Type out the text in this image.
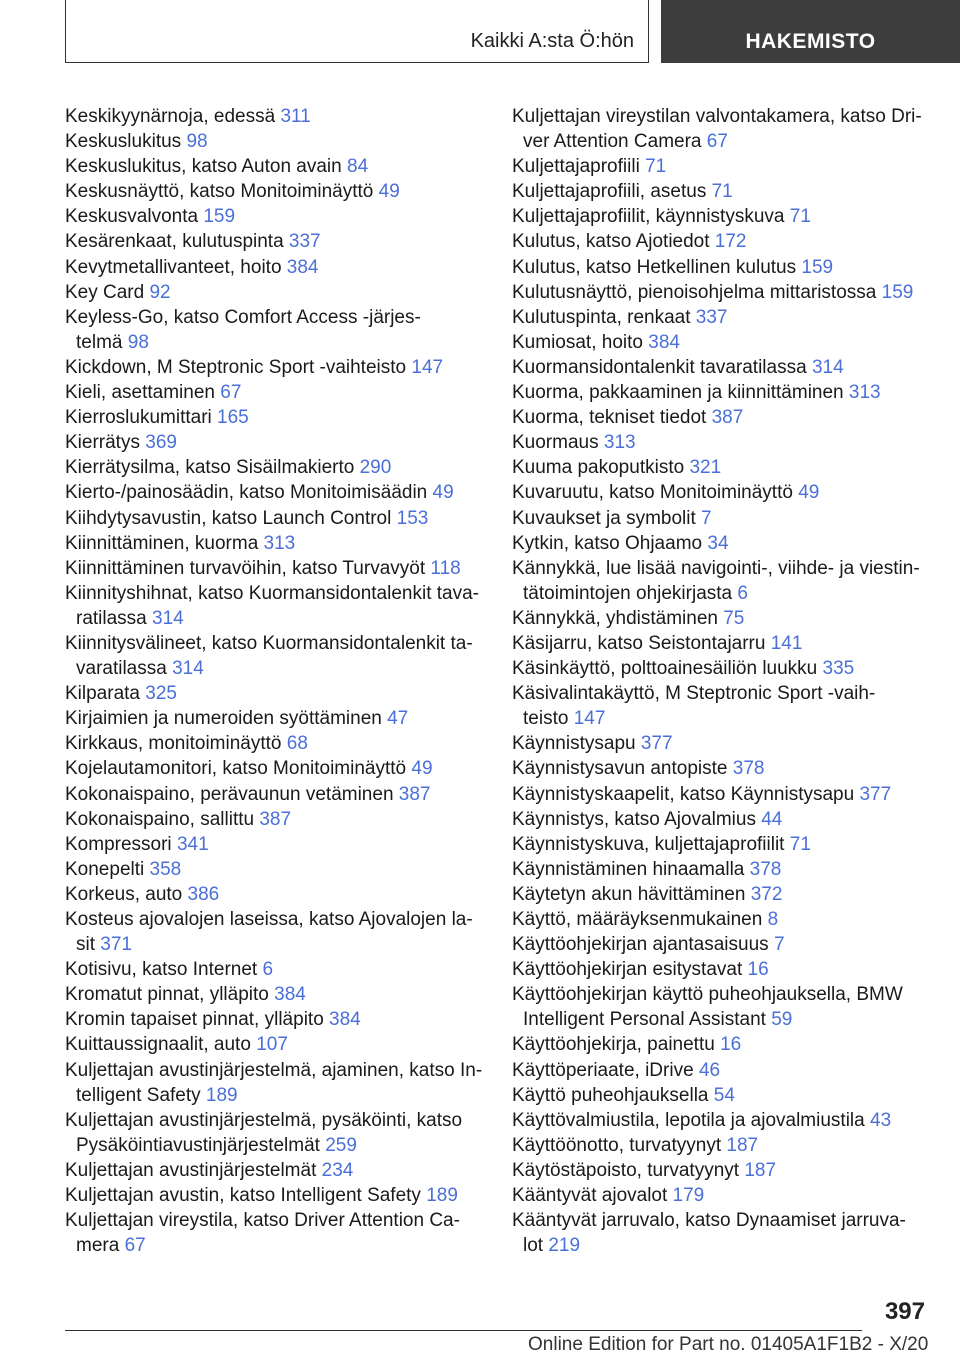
Kaikki A:sta Ö:hön	HAKEMISTO
Keskikyynärnoja, edessä 311
Keskuslukitus 98
Keskuslukitus, katso Auton avain 84
Keskusnäyttö, katso Monitoiminäyttö 49
Keskusvalvonta 159
Kesärenkaat, kulutuspinta 337
Kevytmetallivanteet, hoito 384
Key Card 92
Keyless-Go, katso Comfort Access -järjes-
telmä 98
Kickdown, M Steptronic Sport -vaihteisto 147
Kieli, asettaminen 67
Kierroslukumittari 165
Kierrätys 369
Kierrätysilma, katso Sisäilmakierto 290
Kierto-/painosäädin, katso Monitoimisäädin 49
Kiihdytysavustin, katso Launch Control 153
Kiinnittäminen, kuorma 313
Kiinnittäminen turvavöihin, katso Turvavyöt 118
Kiinnityshihnat, katso Kuormansidontalenkit tava-
ratilassa 314
Kiinnitysvälineet, katso Kuormansidontalenkit ta-
varatilassa 314
Kilparata 325
Kirjaimien ja numeroiden syöttäminen 47
Kirkkaus, monitoiminäyttö 68
Kojelautamonitori, katso Monitoiminäyttö 49
Kokonaispaino, perävaunun vetäminen 387
Kokonaispaino, sallittu 387
Kompressori 341
Konepelti 358
Korkeus, auto 386
Kosteus ajovalojen laseissa, katso Ajovalojen la-
sit 371
Kotisivu, katso Internet 6
Kromatut pinnat, ylläpito 384
Kromin tapaiset pinnat, ylläpito 384
Kuittaussignaalit, auto 107
Kuljettajan avustinjärjestelmä, ajaminen, katso In-
telligent Safety 189
Kuljettajan avustinjärjestelmä, pysäköinti, katso
Pysäköintiavustinjärjestelmät 259
Kuljettajan avustinjärjestelmät 234
Kuljettajan avustin, katso Intelligent Safety 189
Kuljettajan vireystila, katso Driver Attention Ca-
mera 67
Kuljettajan vireystilan valvontakamera, katso Dri-
ver Attention Camera 67
Kuljettajaprofiili 71
Kuljettajaprofiili, asetus 71
Kuljettajaprofiilit, käynnistyskuva 71
Kulutus, katso Ajotiedot 172
Kulutus, katso Hetkellinen kulutus 159
Kulutusnäyttö, pienoisohjelma mittaristossa 159
Kulutuspinta, renkaat 337
Kumiosat, hoito 384
Kuormansidontalenkit tavaratilassa 314
Kuorma, pakkaaminen ja kiinnittäminen 313
Kuorma, tekniset tiedot 387
Kuormaus 313
Kuuma pakoputkisto 321
Kuvaruutu, katso Monitoiminäyttö 49
Kuvaukset ja symbolit 7
Kytkin, katso Ohjaamo 34
Kännykkä, lue lisää navigointi-, viihde- ja viestin-
tätoimintojen ohjekirjasta 6
Kännykkä, yhdistäminen 75
Käsijarru, katso Seistontajarru 141
Käsinkäyttö, polttoainesäiliön luukku 335
Käsivalintakäyttö, M Steptronic Sport -vaih-
teisto 147
Käynnistysapu 377
Käynnistysavun antopiste 378
Käynnistyskaapelit, katso Käynnistysapu 377
Käynnistys, katso Ajovalmius 44
Käynnistyskuva, kuljettajaprofiilit 71
Käynnistäminen hinaamalla 378
Käytetyn akun hävittäminen 372
Käyttö, määräyksenmukainen 8
Käyttöohjekirjan ajantasaisuus 7
Käyttöohjekirjan esitystavat 16
Käyttöohjekirjan käyttö puheohjauksella, BMW
Intelligent Personal Assistant 59
Käyttöohjekirja, painettu 16
Käyttöperiaate, iDrive 46
Käyttö puheohjauksella 54
Käyttövalmiustila, lepotila ja ajovalmiustila 43
Käyttöönotto, turvatyynyt 187
Käytöstäpoisto, turvatyynyt 187
Kääntyvät ajovalot 179
Kääntyvät jarruvalo, katso Dynaamiset jarruva-
lot 219
397
Online Edition for Part no. 01405A1F1B2 - X/20
